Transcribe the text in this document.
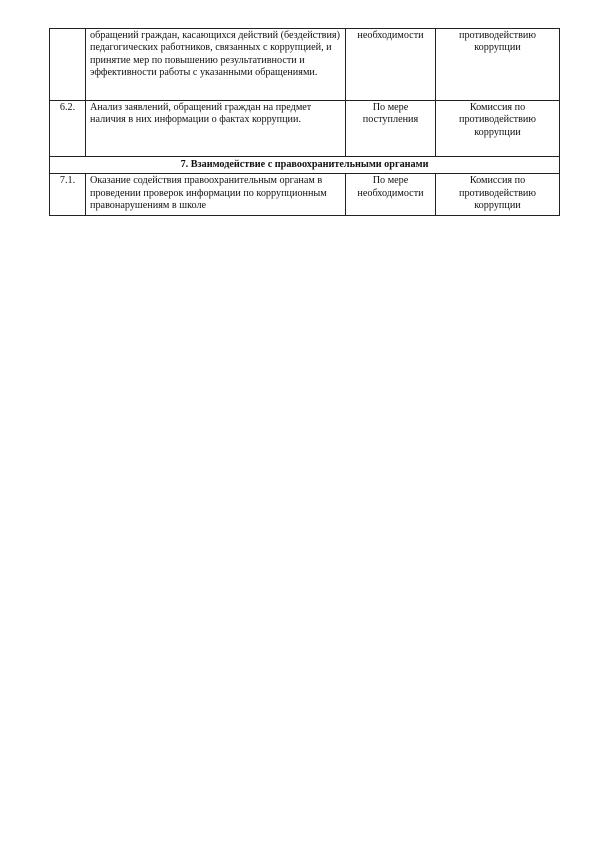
	обращений граждан, касающихся действий (бездействия) педагогических работников, связанных с коррупцией, и принятие мер по повышению результативности и эффективности работы с указанными обращениями.	необходимости	противодействию коррупции

6.2.	Анализ заявлений, обращений граждан на предмет наличия в них информации о фактах коррупции.	По мере поступления	Комиссия по противодействию коррупции

7. Взаимодействие с правоохранительными органами			

7.1.	Оказание содействия правоохранительным органам в проведении проверок информации по коррупционным правонарушениям в школе	По мере необходимости	Комиссия по противодействию коррупции
